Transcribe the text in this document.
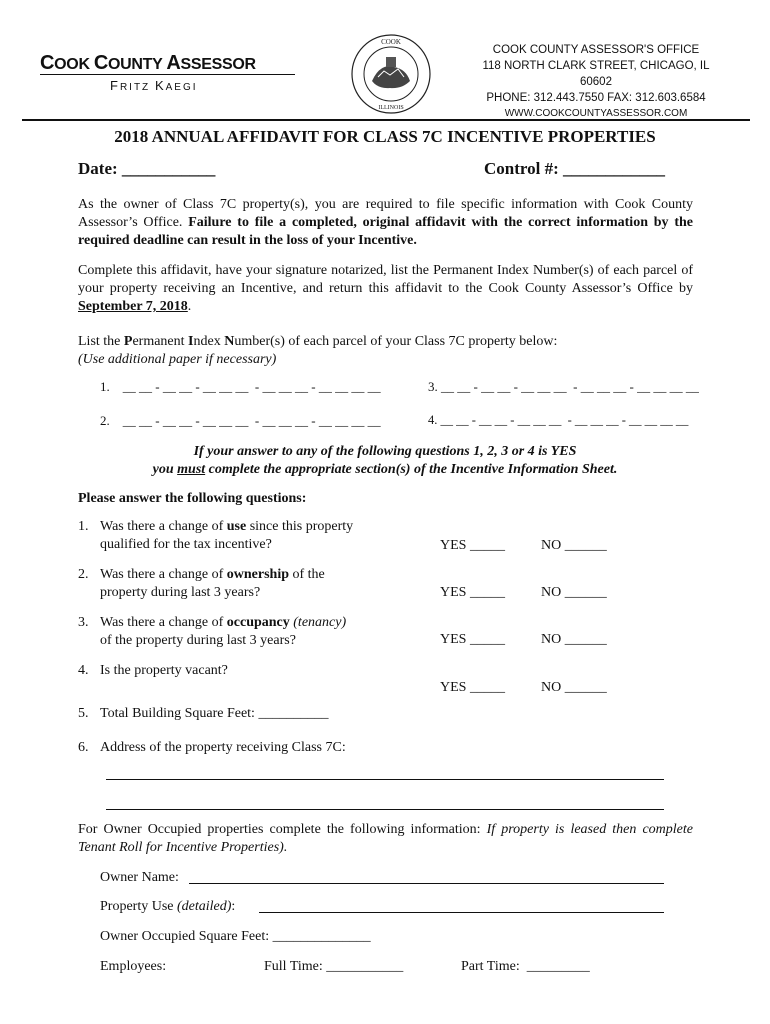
COOK COUNTY ASSESSOR
FRITZ KAEGI
COOK
ILLINOIS
COOK COUNTY ASSESSOR'S OFFICE
118 NORTH CLARK STREET, CHICAGO, IL 60602
PHONE: 312.443.7550 FAX: 312.603.6584
WWW.COOKCOUNTYASSESSOR.COM
2018 ANNUAL AFFIDAVIT FOR CLASS 7C INCENTIVE PROPERTIES
Date: ___________	Control #: ____________
As the owner of Class 7C property(s), you are required to file specific information with Cook County Assessor’s Office. Failure to file a completed, original affidavit with the correct information by the required deadline can result in the loss of your Incentive.
Complete this affidavit, have your signature notarized, list the Permanent Index Number(s) of each parcel of your property receiving an Incentive, and return this affidavit to the Cook County Assessor’s Office by September 7, 2018.
List the Permanent Index Number(s) of each parcel of your Class 7C property below:
(Use additional paper if necessary)
1.    __ __ - __ __ - __ __ __  - __ __ __ - __ __ __ __
2.    __ __ - __ __ - __ __ __  - __ __ __ - __ __ __ __
3. __ __ - __ __ - __ __ __  - __ __ __ - __ __ __ __
4. __ __ - __ __ - __ __ __  - __ __ __ - __ __ __ __
If your answer to any of the following questions 1, 2, 3 or 4 is YES
you must complete the appropriate section(s) of the Incentive Information Sheet.
Please answer the following questions:
1. Was there a change of use since this property
qualified for the tax incentive?	YES _____	NO ______
2. Was there a change of ownership of the
property during last 3 years?	YES _____	NO ______
3. Was there a change of occupancy (tenancy)
of the property during last 3 years?	YES _____	NO ______
4. Is the property vacant?
YES _____	NO ______
5. Total Building Square Feet: __________
6. Address of the property receiving Class 7C:
For Owner Occupied properties complete the following information: If property is leased then complete Tenant Roll for Incentive Properties).
Owner Name:
Property Use (detailed):
Owner Occupied Square Feet: ______________
Employees:	Full Time: ___________	Part Time:  _________
